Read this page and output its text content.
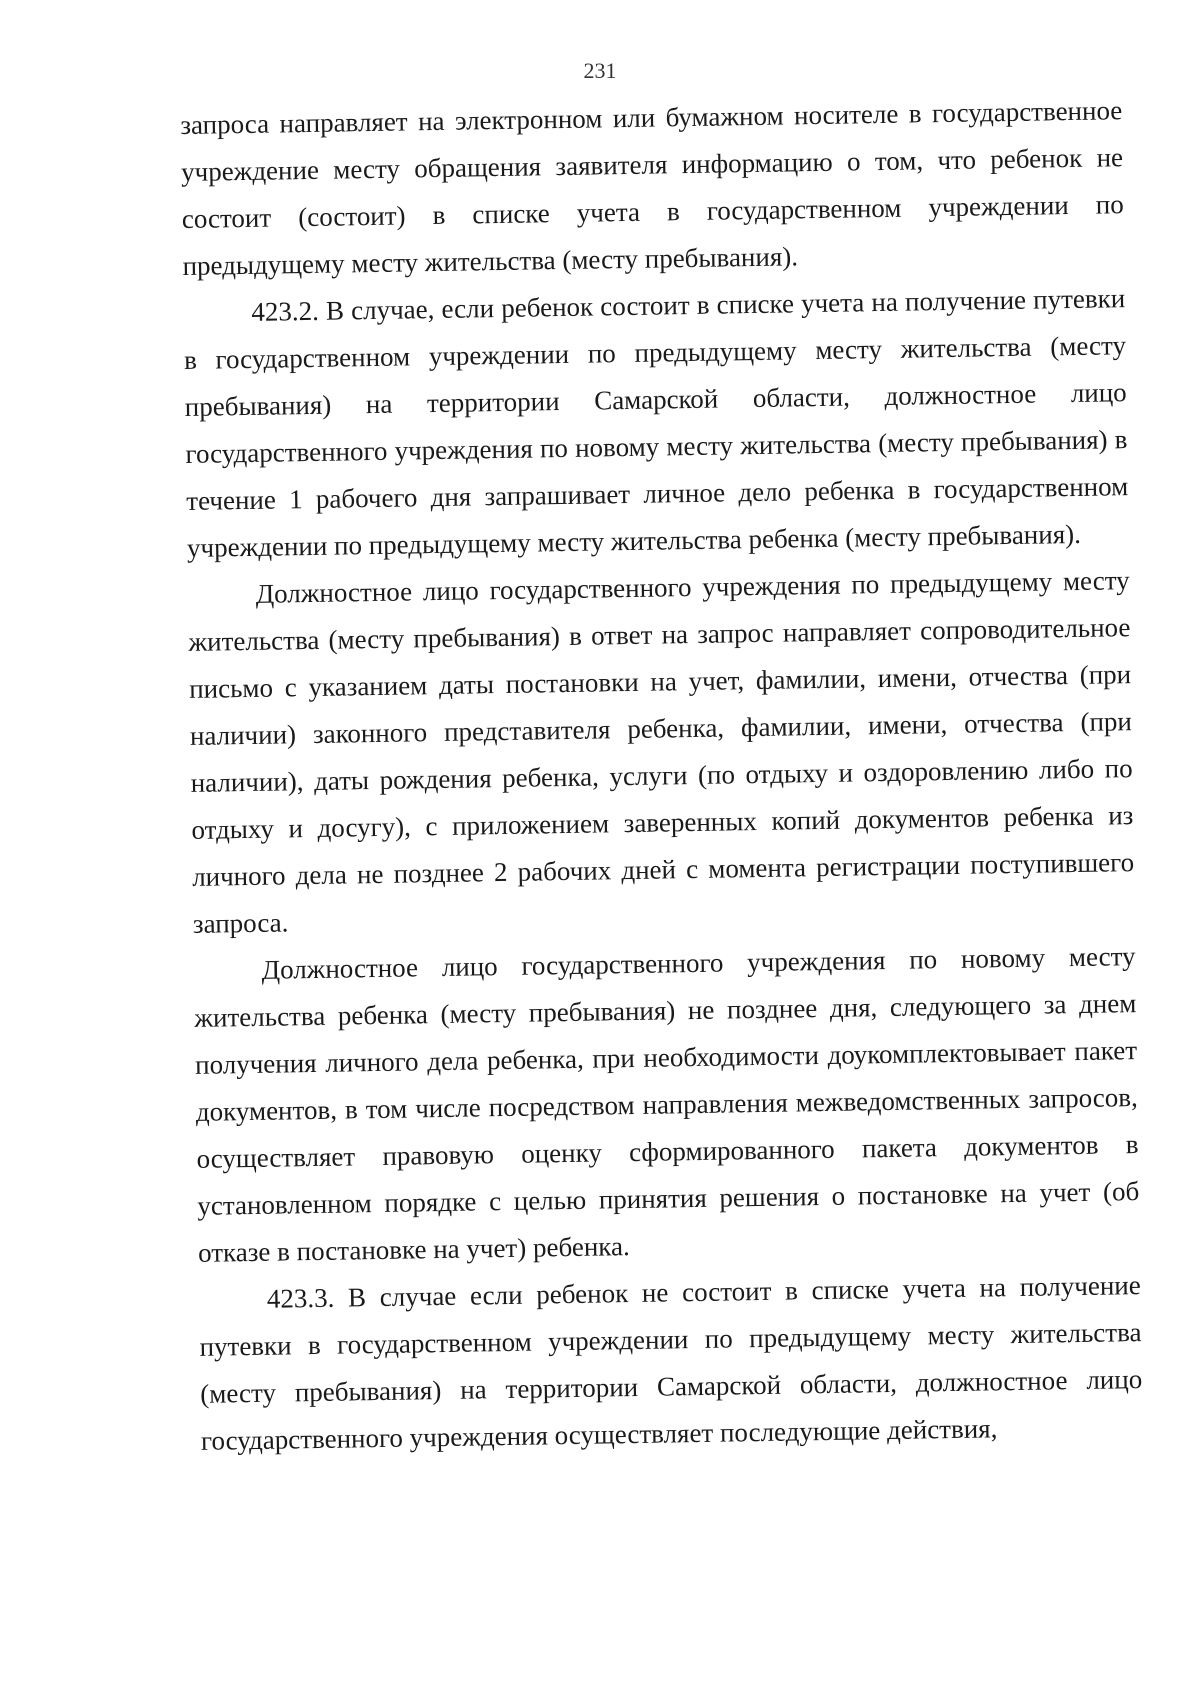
231

запроса направляет на электронном или бумажном носителе в государственное учреждение месту обращения заявителя информацию о том, что ребенок не состоит (состоит) в списке учета в государственном учреждении по предыдущему месту жительства (месту пребывания).

423.2. В случае, если ребенок состоит в списке учета на получение путевки в государственном учреждении по предыдущему месту жительства (месту пребывания) на территории Самарской области, должностное лицо государственного учреждения по новому месту жительства (месту пребывания) в течение 1 рабочего дня запрашивает личное дело ребенка в государственном учреждении по предыдущему месту жительства ребенка (месту пребывания).

Должностное лицо государственного учреждения по предыдущему месту жительства (месту пребывания) в ответ на запрос направляет сопроводительное письмо с указанием даты постановки на учет, фамилии, имени, отчества (при наличии) законного представителя ребенка, фамилии, имени, отчества (при наличии), даты рождения ребенка, услуги (по отдыху и оздоровлению либо по отдыху и досугу), с приложением заверенных копий документов ребенка из личного дела не позднее 2 рабочих дней с момента регистрации поступившего запроса.

Должностное лицо государственного учреждения по новому месту жительства ребенка (месту пребывания) не позднее дня, следующего за днем получения личного дела ребенка, при необходимости доукомплектовывает пакет документов, в том числе посредством направления межведомственных запросов, осуществляет правовую оценку сформированного пакета документов в установленном порядке с целью принятия решения о постановке на учет (об отказе в постановке на учет) ребенка.

423.3. В случае если ребенок не состоит в списке учета на получение путевки в государственном учреждении по предыдущему месту жительства (месту пребывания) на территории Самарской области, должностное лицо государственного учреждения осуществляет последующие действия,
